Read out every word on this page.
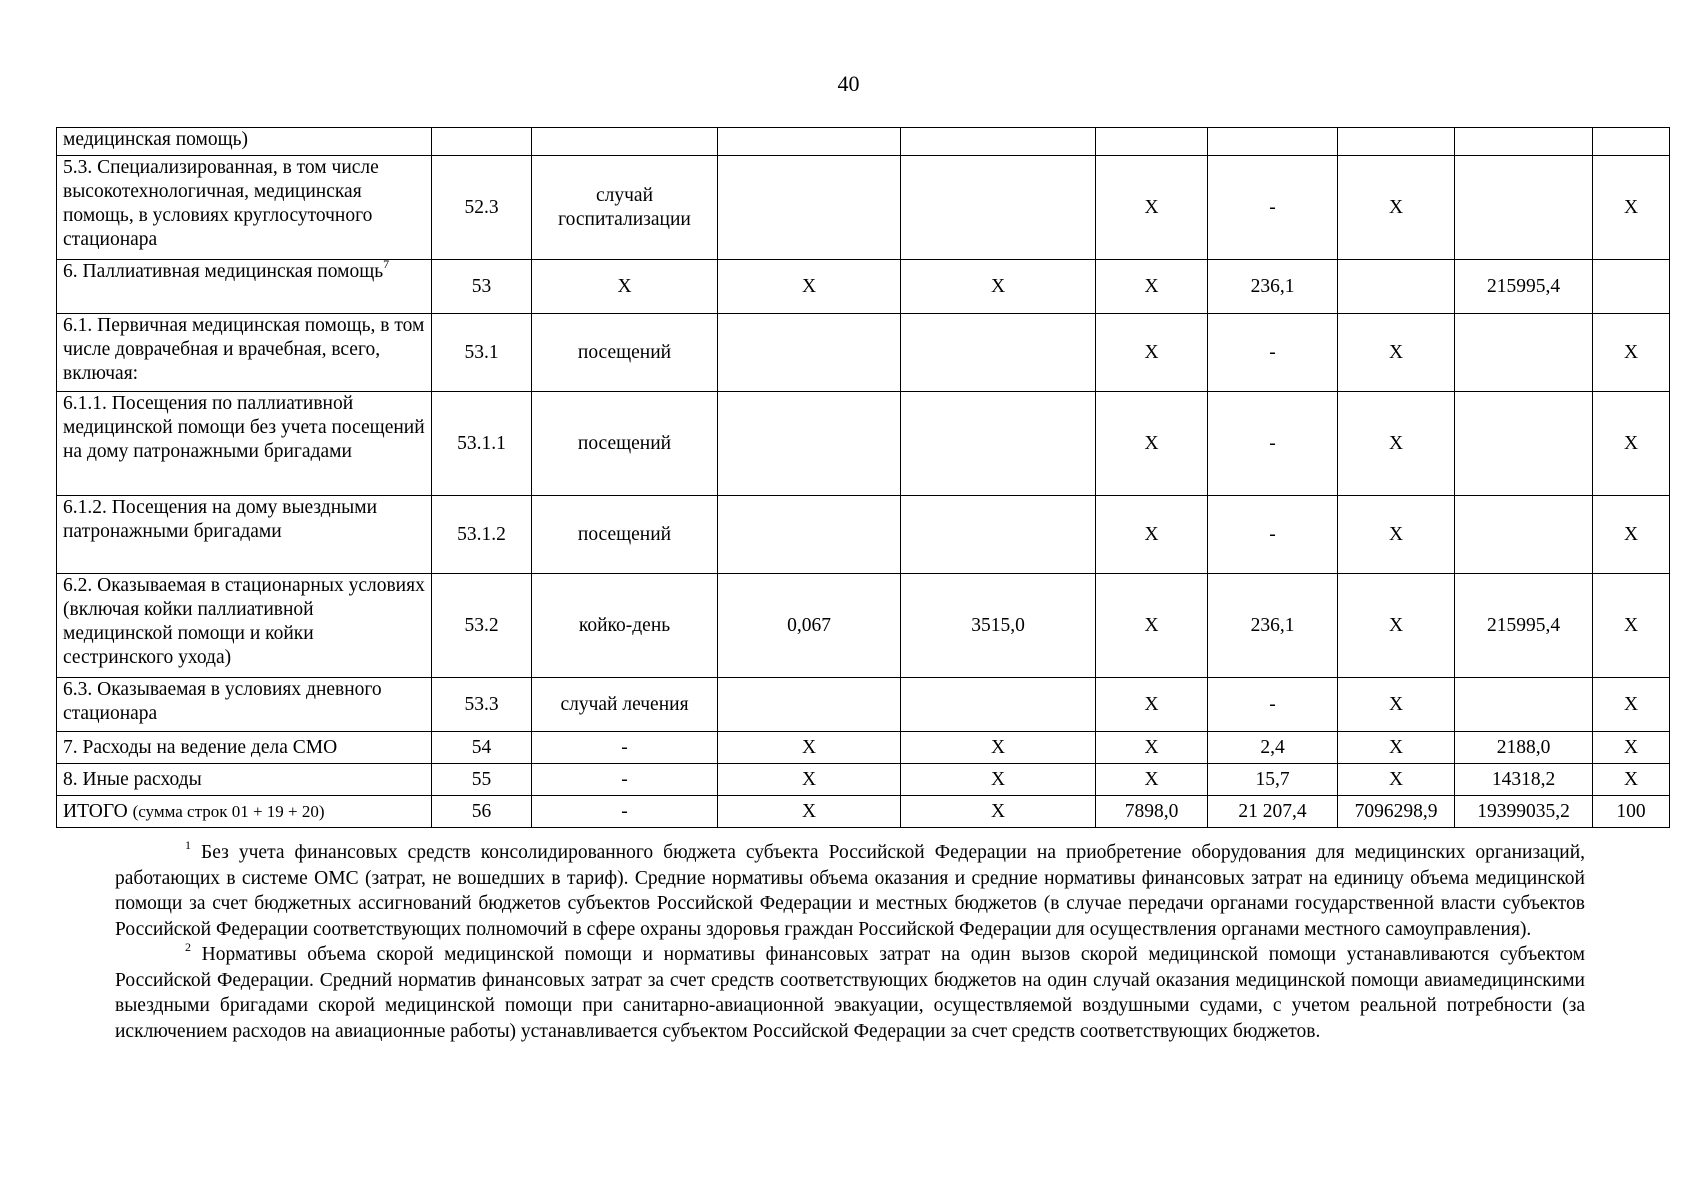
40
медицинская помощь)									
5.3. Специализированная, в том числе высокотехнологичная, медицинская помощь, в условиях круглосуточного стационара	52.3	случай госпитализации			X	-	X		X
6. Паллиативная медицинская помощь$^7$	53	X	X	X	X	236,1		215995,4	
6.1. Первичная медицинская помощь, в том числе доврачебная и врачебная, всего, включая:	53.1	посещений			X	-	X		X
6.1.1. Посещения по паллиативной медицинской помощи без учета посещений на дому патронажными бригадами	53.1.1	посещений			X	-	X		X
6.1.2. Посещения на дому выездными патронажными бригадами	53.1.2	посещений			X	-	X		X
6.2. Оказываемая в стационарных условиях (включая койки паллиативной медицинской помощи и койки сестринского ухода)	53.2	койко-день	0,067	3515,0	X	236,1	X	215995,4	X
6.3. Оказываемая в условиях дневного стационара	53.3	случай лечения			X	-	X		X
7. Расходы на ведение дела СМО	54	-	X	X	X	2,4	X	2188,0	X
8. Иные расходы	55	-	X	X	X	15,7	X	14318,2	X
ИТОГО (сумма строк 01 + 19 + 20)	56	-	X	X	7898,0	21 207,4	7096298,9	19399035,2	100

$^1$ Без учета финансовых средств консолидированного бюджета субъекта Российской Федерации на приобретение оборудования для медицинских организаций, работающих в системе ОМС (затрат, не вошедших в тариф). Средние нормативы объема оказания и средние нормативы финансовых затрат на единицу объема медицинской помощи за счет бюджетных ассигнований бюджетов субъектов Российской Федерации и местных бюджетов (в случае передачи органами государственной власти субъектов Российской Федерации соответствующих полномочий в сфере охраны здоровья граждан Российской Федерации для осуществления органами местного самоуправления).

$^2$ Нормативы объема скорой медицинской помощи и нормативы финансовых затрат на один вызов скорой медицинской помощи устанавливаются субъектом Российской Федерации. Средний норматив финансовых затрат за счет средств соответствующих бюджетов на один случай оказания медицинской помощи авиамедицинскими выездными бригадами скорой медицинской помощи при санитарно-авиационной эвакуации, осуществляемой воздушными судами, с учетом реальной потребности (за исключением расходов на авиационные работы) устанавливается субъектом Российской Федерации за счет средств соответствующих бюджетов.
